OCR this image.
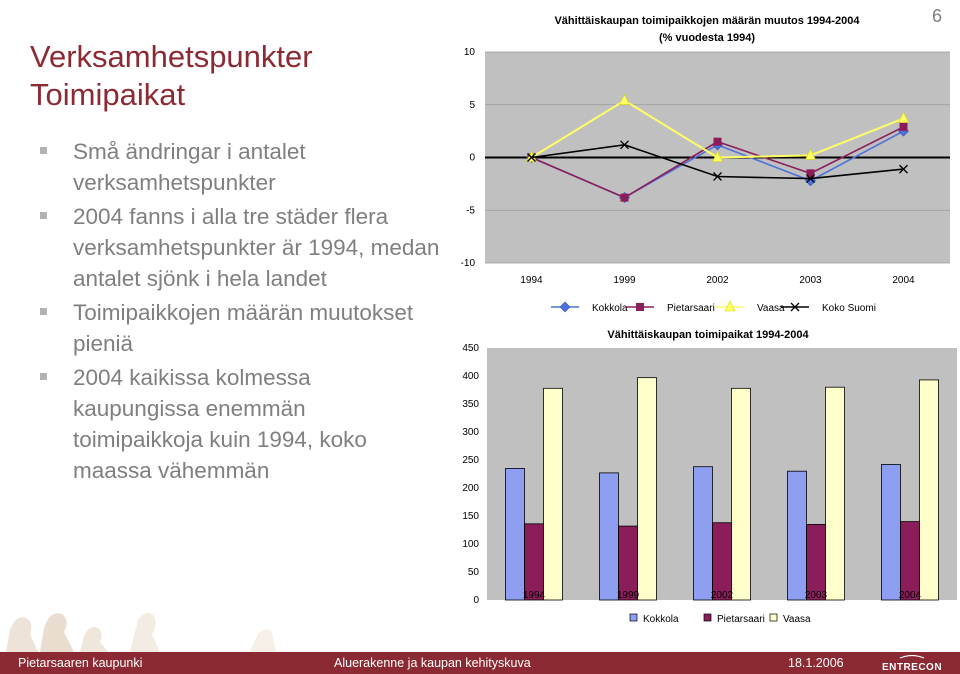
6
Verksamhetspunkter
Toimipaikat
Små ändringar i antalet verksamhetspunkter
2004 fanns i alla tre städer flera verksamhetspunkter är 1994, medan antalet sjönk i hela landet
Toimipaikkojen määrän muutokset pieniä
2004 kaikissa kolmessa kaupungissa enemmän toimipaikkoja kuin 1994, koko maassa vähemmän
Vähittäiskaupan toimipaikkojen määrän muutos 1994-2004
(% vuodesta 1994)
10
5
0
-5
-10
1994	1999	2002	2003	2004
Kokkola	Pietarsaari	Vaasa	Koko Suomi
Vähittäiskaupan toimipaikat 1994-2004
450
400
350
300
250
200
150
100
50
0	1994	1999	2002	2003	2004
Kokkola	Pietarsaari Vaasa
Pietarsaaren kaupunki	Aluerakenne ja kaupan kehityskuva	18.1.2006	ENTRECON
